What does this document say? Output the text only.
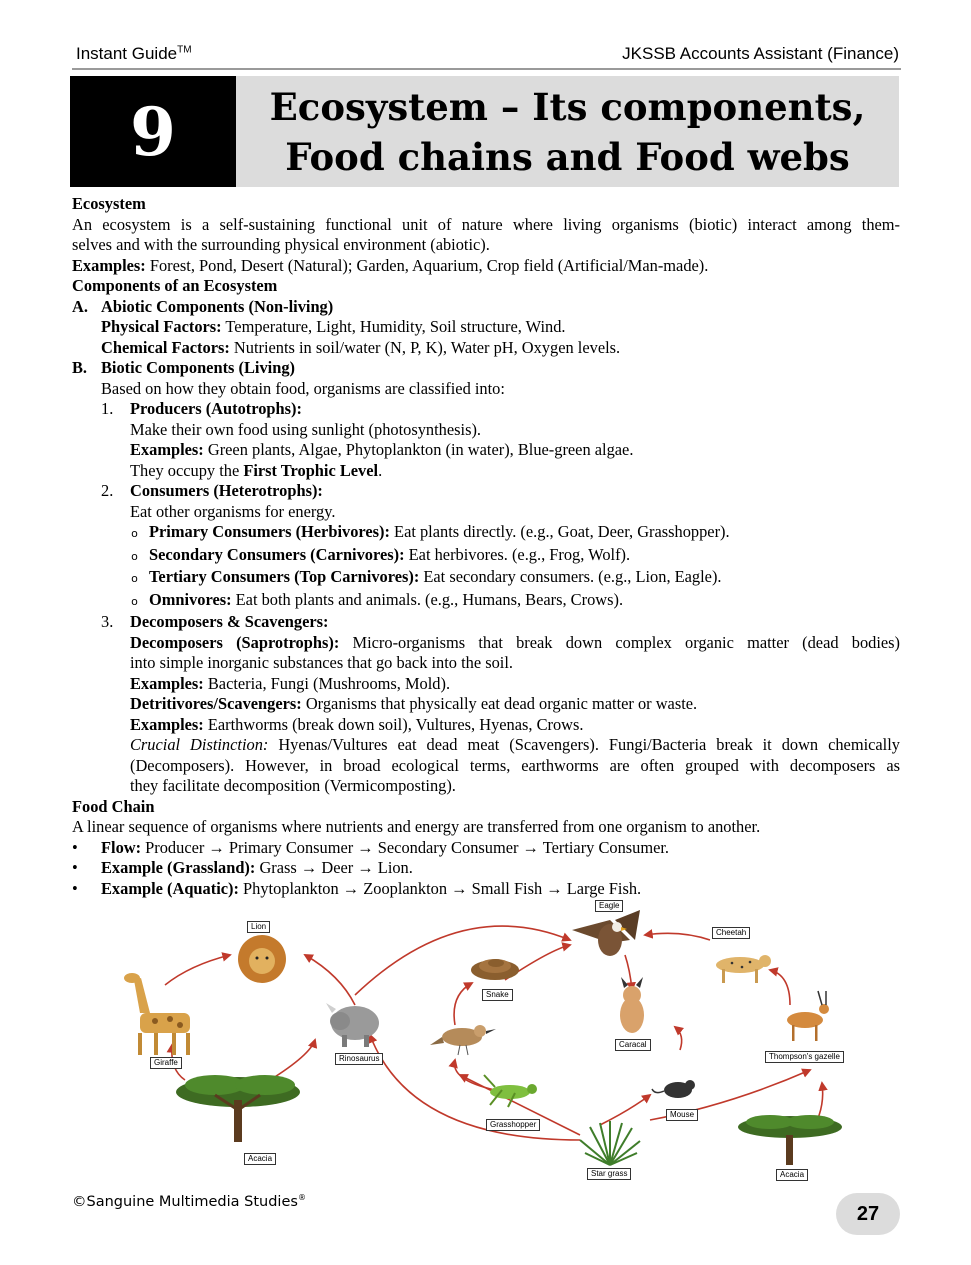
Instant Guide™	JKSSB Accounts Assistant (Finance)
9	Ecosystem – Its components,
Food chains and Food webs
Ecosystem
An ecosystem is a self-sustaining functional unit of nature where living organisms (biotic) interact among them-
selves and with the surrounding physical environment (abiotic).
Examples: Forest, Pond, Desert (Natural); Garden, Aquarium, Crop field (Artificial/Man-made).
Components of an Ecosystem
A. Abiotic Components (Non-living)
Physical Factors: Temperature, Light, Humidity, Soil structure, Wind.
Chemical Factors: Nutrients in soil/water (N, P, K), Water pH, Oxygen levels.
B. Biotic Components (Living)
Based on how they obtain food, organisms are classified into:
1. Producers (Autotrophs):
Make their own food using sunlight (photosynthesis).
Examples: Green plants, Algae, Phytoplankton (in water), Blue-green algae.
They occupy the First Trophic Level.
2. Consumers (Heterotrophs):
Eat other organisms for energy.
o Primary Consumers (Herbivores): Eat plants directly. (e.g., Goat, Deer, Grasshopper).
o Secondary Consumers (Carnivores): Eat herbivores. (e.g., Frog, Wolf).
o Tertiary Consumers (Top Carnivores): Eat secondary consumers. (e.g., Lion, Eagle).
o Omnivores: Eat both plants and animals. (e.g., Humans, Bears, Crows).
3. Decomposers & Scavengers:
Decomposers (Saprotrophs): Micro-organisms that break down complex organic matter (dead bodies)
into simple inorganic substances that go back into the soil.
Examples: Bacteria, Fungi (Mushrooms, Mold).
Detritivores/Scavengers: Organisms that physically eat dead organic matter or waste.
Examples: Earthworms (break down soil), Vultures, Hyenas, Crows.
Crucial Distinction: Hyenas/Vultures eat dead meat (Scavengers). Fungi/Bacteria break it down chemically
(Decomposers). However, in broad ecological terms, earthworms are often grouped with decomposers as
they facilitate decomposition (Vermicomposting).
Food Chain
A linear sequence of organisms where nutrients and energy are transferred from one organism to another.
• Flow: Producer → Primary Consumer → Secondary Consumer → Tertiary Consumer.
• Example (Grassland): Grass → Deer → Lion.
• Example (Aquatic): Phytoplankton → Zooplankton → Small Fish → Large Fish.
Lion
Giraffe
Acacia
Rinosaurus
Snake
Grasshopper
Eagle
Caracal
Mouse
Star grass
Cheetah
Thompson's gazelle
Acacia
©Sanguine Multimedia Studies®
27
